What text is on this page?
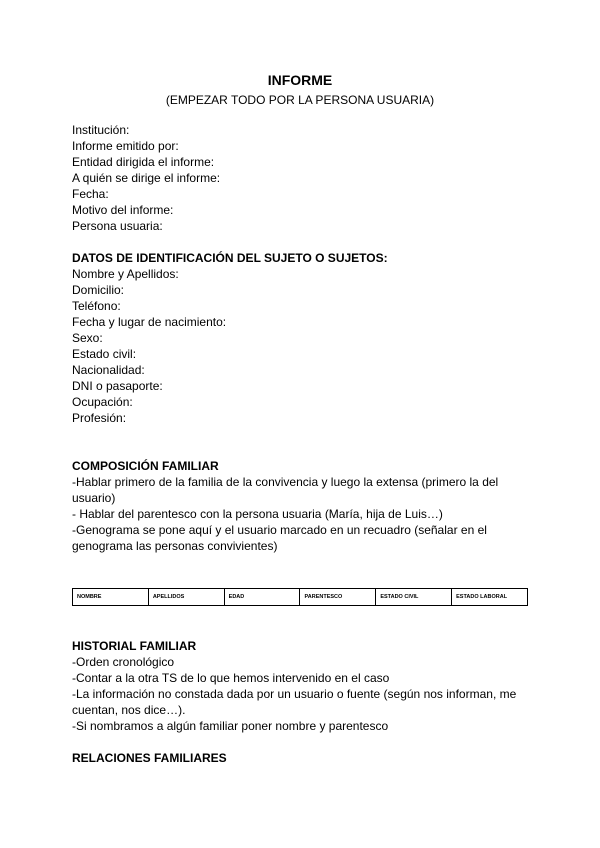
INFORME
(EMPEZAR TODO POR LA PERSONA USUARIA)
Institución:
Informe emitido por:
Entidad dirigida el informe:
A quién se dirige el informe:
Fecha:
Motivo del informe:
Persona usuaria:
DATOS DE IDENTIFICACIÓN DEL SUJETO O SUJETOS:
Nombre y Apellidos:
Domicilio:
Teléfono:
Fecha y lugar de nacimiento:
Sexo:
Estado civil:
Nacionalidad:
DNI o pasaporte:
Ocupación:
Profesión:
COMPOSICIÓN FAMILIAR
-Hablar primero de la familia de la convivencia y luego la extensa (primero la del usuario)
- Hablar del parentesco con la persona usuaria (María, hija de Luis…)
-Genograma se pone aquí y el usuario marcado en un recuadro (señalar en el genograma las personas convivientes)
NOMBRE	APELLIDOS	EDAD	PARENTESCO	ESTADO CIVIL	ESTADO LABORAL
HISTORIAL FAMILIAR
-Orden cronológico
-Contar a la otra TS de lo que hemos intervenido en el caso
-La información no constada dada por un usuario o fuente (según nos informan, me cuentan, nos dice…).
-Si nombramos a algún familiar poner nombre y parentesco
RELACIONES FAMILIARES
